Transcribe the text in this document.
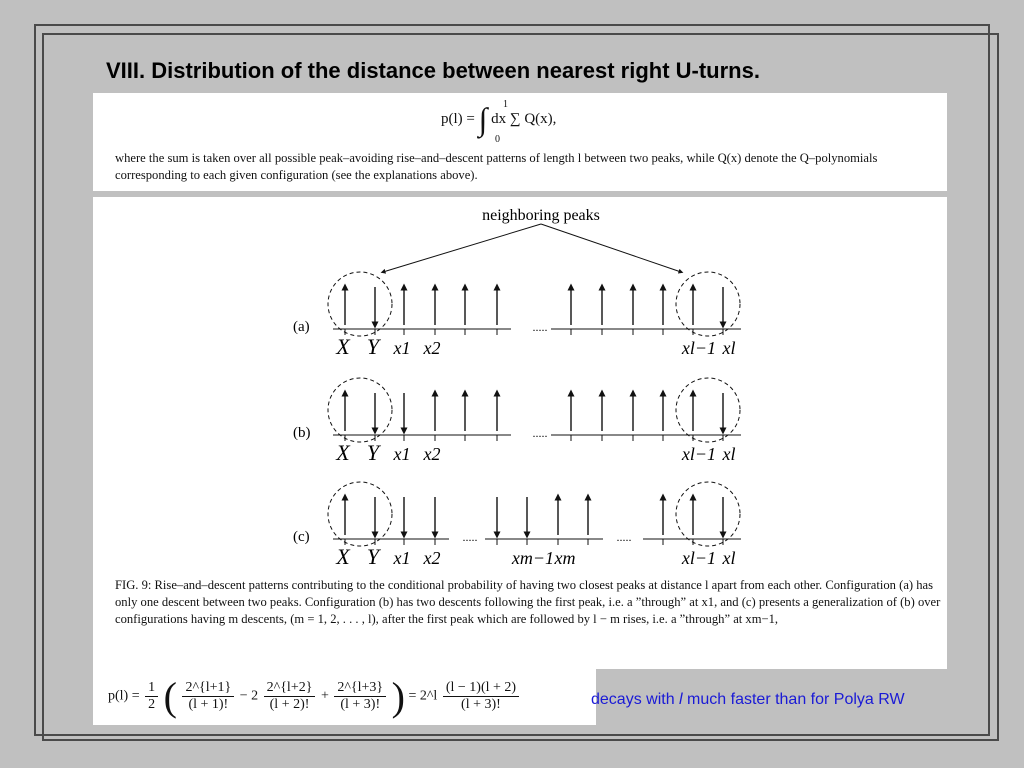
VIII. Distribution of the distance between nearest right U-turns.
p(l) = ∫ 1
0
dx ∑ Q(x),
where the sum is taken over all possible peak–avoiding rise–and–descent patterns of length l between two peaks, while Q(x) denote the Q–polynomials corresponding to each given configuration (see the explanations above).
neighboring peaks
(a)	.....
X Y x1 x2	xl−1 xl
(b)	.....
X Y x1 x2	xl−1 xl
(c)	.....	.....
X Y x1 x2	xm−1 xm	xl−1 xl
FIG. 9: Rise–and–descent patterns contributing to the conditional probability of having two closest peaks at distance l apart from each other. Configuration (a) has only one descent between two peaks. Configuration (b) has two descents following the first peak, i.e. a ”through” at x1, and (c) presents a generalization of (b) over configurations having m descents, (m = 1, 2, . . . , l), after the first peak which are followed by l − m rises, i.e. a ”through” at xm−1,
$p(l) = \frac{1}{2}$ ( $\frac{2\^{}\{l+1\}}{(l + 1)!} - 2 \frac{2\^{}\{l+2\}}{(l + 2)!} + \frac{2\^{}\{l+3\}}{(l + 3)!}$ ) = 2^l $\frac{(l - 1)(l + 2)}{(l + 3)!}$	decays with l much faster than for Polya RW
